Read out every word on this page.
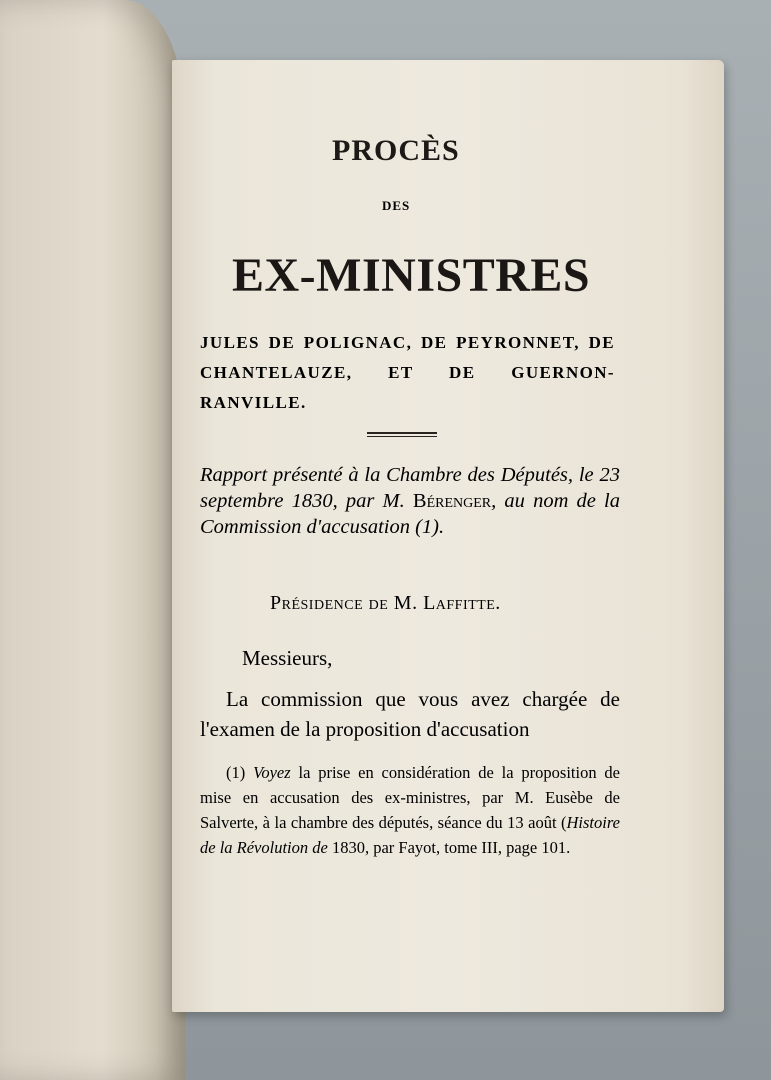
PROCÈS
DES
EX-MINISTRES
JULES DE POLIGNAC, DE PEYRONNET, DE CHANTELAUZE, ET DE GUERNON-RANVILLE.
Rapport présenté à la Chambre des Députés, le 23 septembre 1830, par M. Bérenger, au nom de la Commission d'accusation (1).
Présidence de M. Laffitte.
Messieurs,
La commission que vous avez chargée de l'examen de la proposition d'accusation
(1) Voyez la prise en considération de la proposition de mise en accusation des ex-ministres, par M. Eusèbe de Salverte, à la chambre des députés, séance du 13 août (Histoire de la Révolution de 1830, par Fayot, tome III, page 101.
